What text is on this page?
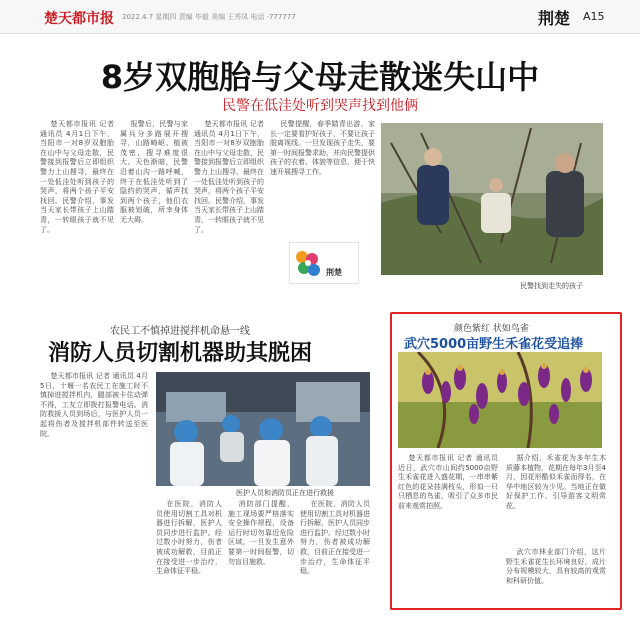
楚天都市报 2022.4.7 星期四 责编 毕毅 美编 王秀凤 电话 ·777777	荆楚 A15
8岁双胞胎与父母走散迷失山中
民警在低洼处听到哭声找到他俩

楚天都市报讯 记者 通讯员 4月1日下午，当阳市一对8岁双胞胎在山中与父母走散，民警接到报警后立即组织警力上山搜寻，最终在一处低洼处听到孩子的哭声，将两个孩子平安找回。民警介绍，事发当天家长带孩子上山踏青，一转眼孩子就不见了。

报警后，民警与家属兵分多路展开搜寻，山路崎岖、植被茂密，搜寻难度很大。天色渐暗，民警沿着山沟一路呼喊，终于在低洼处听到了隐约的哭声，循声找到两个孩子，他们衣服被划破，所幸身体无大碍。

楚天都市报讯 记者 通讯员 4月1日下午，当阳市一对8岁双胞胎在山中与父母走散，民警接到报警后立即组织警力上山搜寻，最终在一处低洼处听到孩子的哭声，将两个孩子平安找回。民警介绍，事发当天家长带孩子上山踏青，一转眼孩子就不见了。

民警提醒，春季踏青出游，家长一定要看护好孩子，不要让孩子脱离视线。一旦发现孩子走失，要第一时间报警求助，并向民警提供孩子的衣着、体貌等信息，便于快速开展搜寻工作。

荆楚
民警找到走失的孩子
农民工不慎掉进搅拌机命悬一线
消防人员切割机器助其脱困

楚天都市报讯 记者 通讯员 4月5日，十堰一名农民工在施工时不慎掉进搅拌机内，腿部被卡住动弹不得，工友立即拨打报警电话。消防救援人员到场后，与医护人员一起将伤者及搅拌机部件转送至医院。

医护人员和消防员正在进行救援

在医院，消防人员使用切割工具对机器进行拆解，医护人员同步进行监护。经过数小时努力，伤者被成功解救，目前正在接受进一步治疗，生命体征平稳。

消防部门提醒，施工现场要严格落实安全操作规程，设备运行时切勿靠近危险区域，一旦发生意外要第一时间报警，切勿盲目施救。

在医院，消防人员使用切割工具对机器进行拆解，医护人员同步进行监护。经过数小时努力，伤者被成功解救，目前正在接受进一步治疗，生命体征平稳。

颜色紫红 状如鸟雀
武穴5000亩野生禾雀花受追捧

楚天都市报讯 记者 通讯员 近日，武穴市山间约5000亩野生禾雀花进入盛花期，一串串紫红色的花朵挂满枝头，形似一只只栖息的鸟雀，吸引了众多市民前来观赏拍照。

据介绍，禾雀花为多年生木质藤本植物，花期在每年3月至4月，因花形酷似禾雀而得名，在华中地区较为少见。当地正在做好保护工作，引导游客文明赏花。

武穴市林业部门介绍，这片野生禾雀花生长环境良好，成片分布规模较大，具有较高的观赏和科研价值。
